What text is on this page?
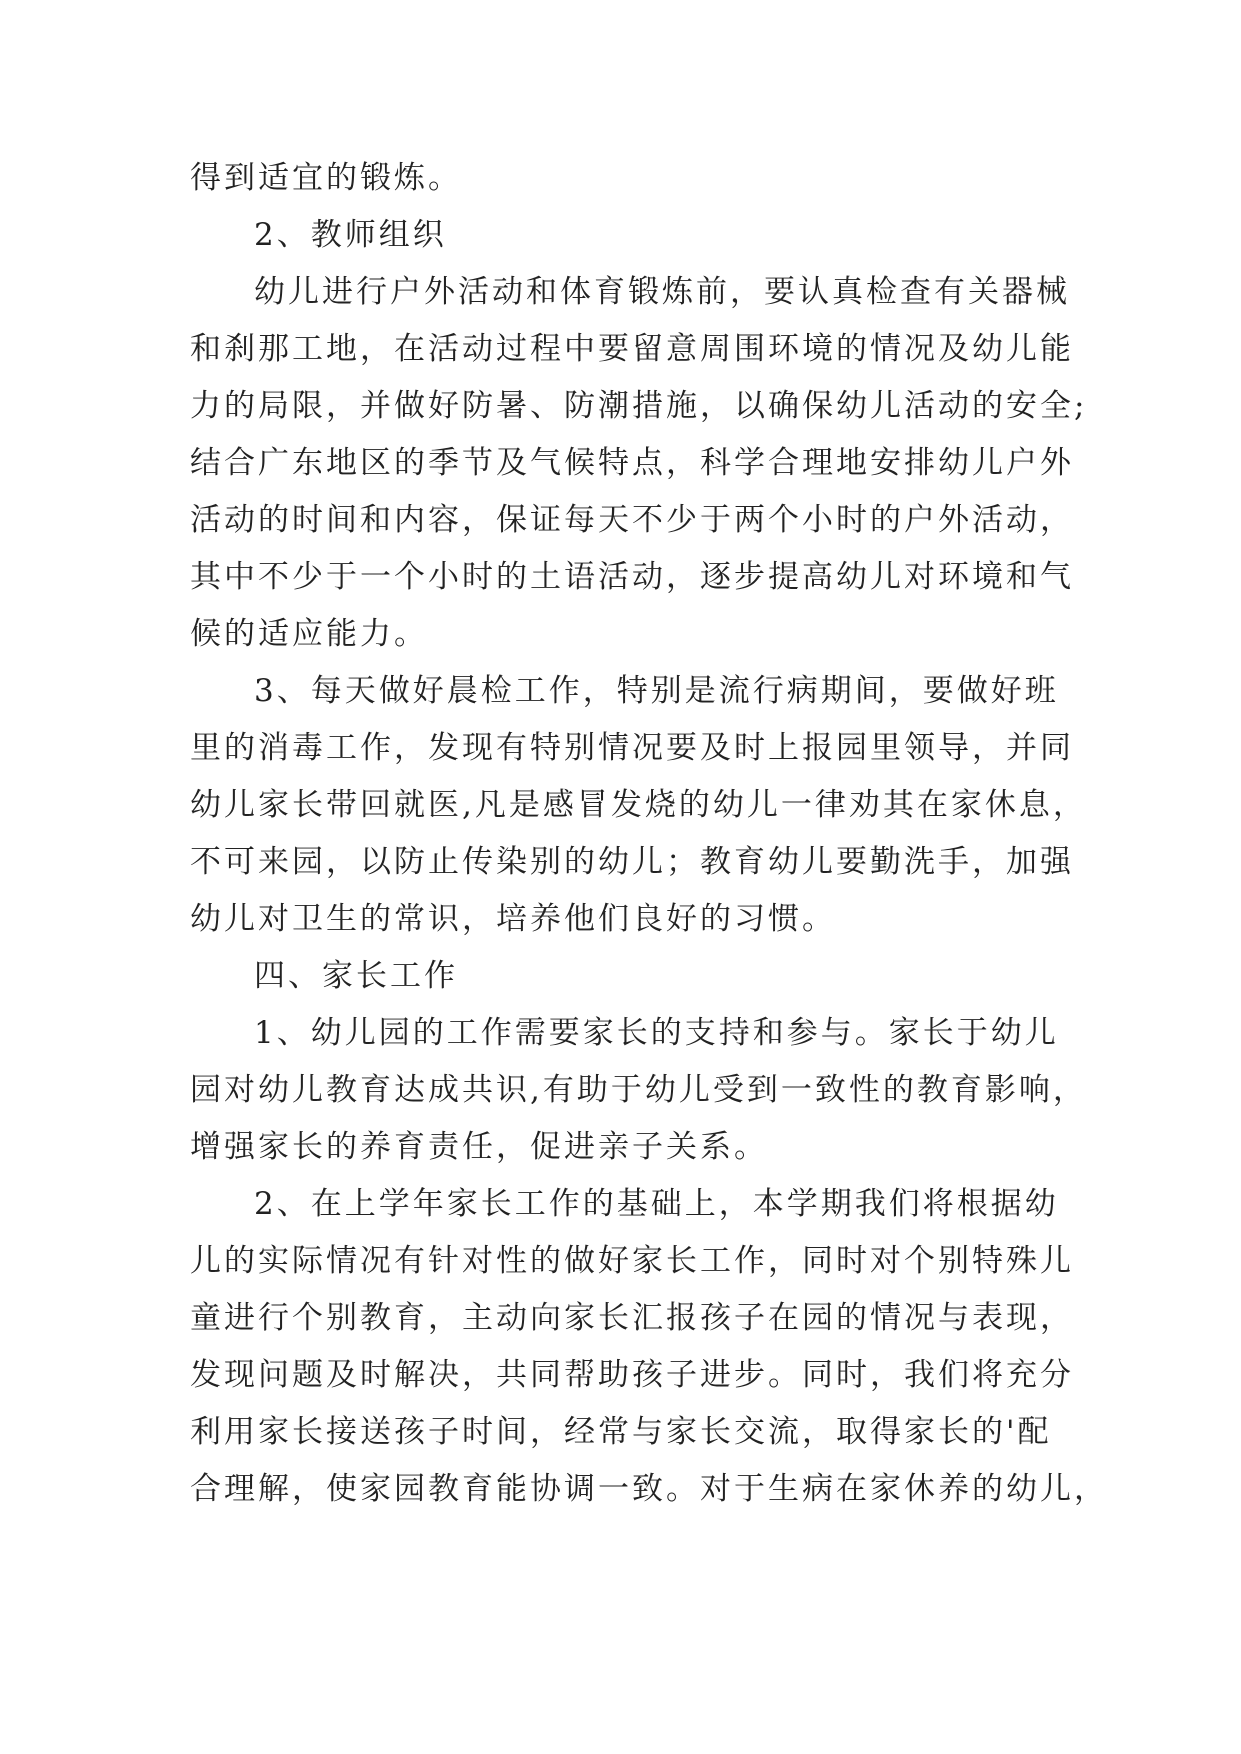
得到适宜的锻炼。
2、教师组织
幼儿进行户外活动和体育锻炼前，要认真检查有关器械
和刹那工地，在活动过程中要留意周围环境的情况及幼儿能
力的局限，并做好防暑、防潮措施，以确保幼儿活动的安全;
结合广东地区的季节及气候特点，科学合理地安排幼儿户外
活动的时间和内容，保证每天不少于两个小时的户外活动，
其中不少于一个小时的土语活动，逐步提高幼儿对环境和气
候的适应能力。
3、每天做好晨检工作，特别是流行病期间，要做好班
里的消毒工作，发现有特别情况要及时上报园里领导，并同
幼儿家长带回就医,凡是感冒发烧的幼儿一律劝其在家休息，
不可来园，以防止传染别的幼儿；教育幼儿要勤洗手，加强
幼儿对卫生的常识，培养他们良好的习惯。
四、家长工作
1、幼儿园的工作需要家长的支持和参与。家长于幼儿
园对幼儿教育达成共识,有助于幼儿受到一致性的教育影响，
增强家长的养育责任，促进亲子关系。
2、在上学年家长工作的基础上，本学期我们将根据幼
儿的实际情况有针对性的做好家长工作，同时对个别特殊儿
童进行个别教育，主动向家长汇报孩子在园的情况与表现，
发现问题及时解决，共同帮助孩子进步。同时，我们将充分
利用家长接送孩子时间，经常与家长交流，取得家长的'配
合理解，使家园教育能协调一致。对于生病在家休养的幼儿，
